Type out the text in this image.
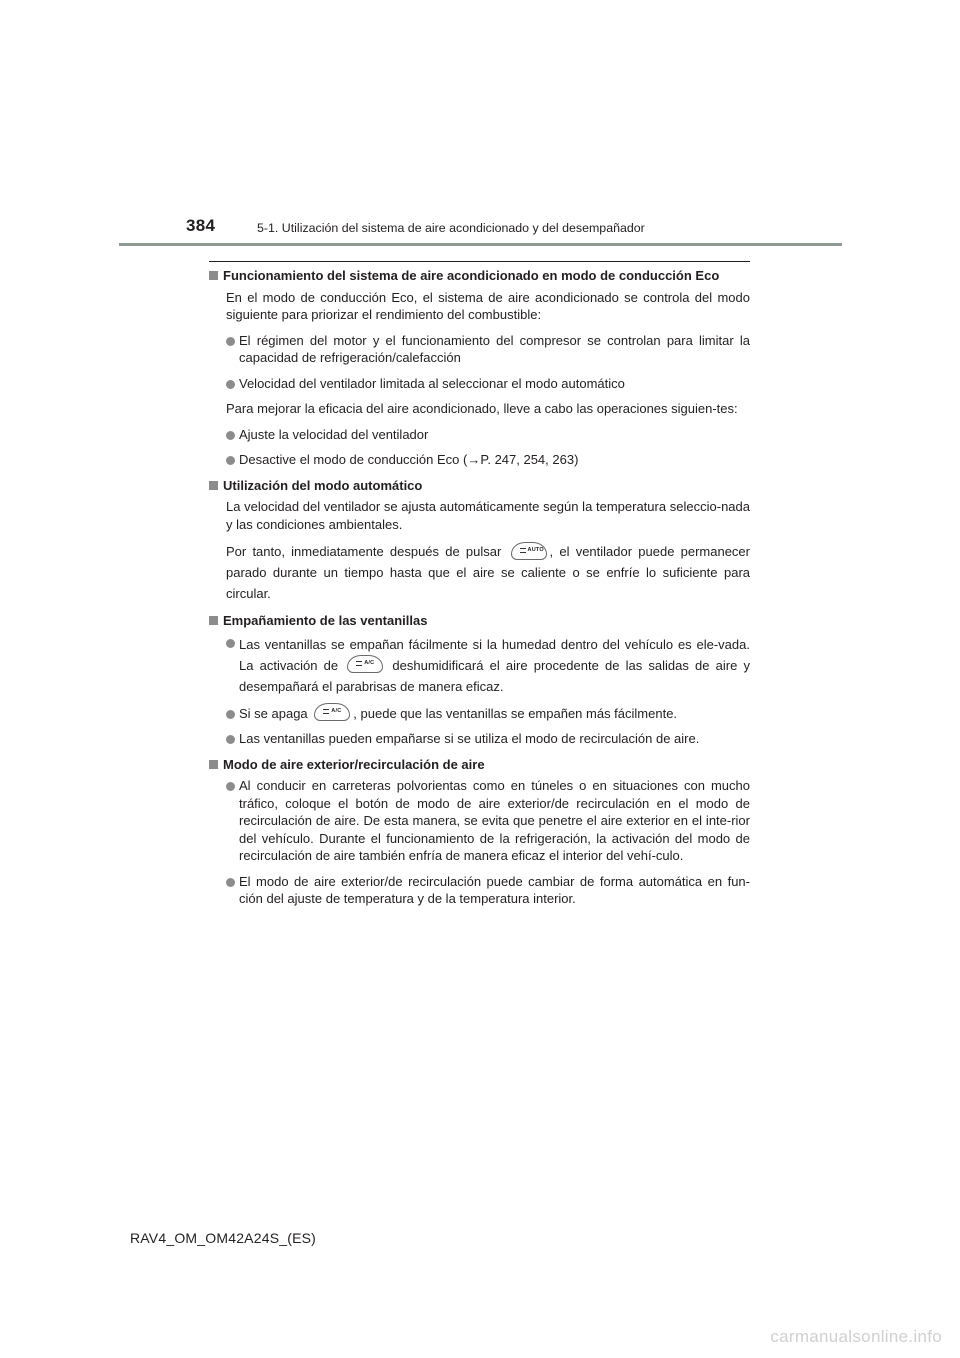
384	5-1. Utilización del sistema de aire acondicionado y del desempañador
Funcionamiento del sistema de aire acondicionado en modo de conducción Eco

En el modo de conducción Eco, el sistema de aire acondicionado se controla del modo siguiente para priorizar el rendimiento del combustible:

El régimen del motor y el funcionamiento del compresor se controlan para limitar la capacidad de refrigeración/calefacción
Velocidad del ventilador limitada al seleccionar el modo automático

Para mejorar la eficacia del aire acondicionado, lleve a cabo las operaciones siguien-tes:

Ajuste la velocidad del ventilador
Desactive el modo de conducción Eco (→P. 247, 254, 263)
Utilización del modo automático

La velocidad del ventilador se ajusta automáticamente según la temperatura seleccio-nada y las condiciones ambientales.

Por tanto, inmediatamente después de pulsar	AUTO , el ventilador puede permanecer parado durante un tiempo hasta que el aire se caliente o se enfríe lo suficiente para circular.

Empañamiento de las ventanillas
Las ventanillas se empañan fácilmente si la humedad dentro del vehículo es ele-vada. La activación de	A/C deshumidificará el aire procedente de las salidas de aire y desempañará el parabrisas de manera eficaz.
Si se apaga	A/C , puede que las ventanillas se empañen más fácilmente.
Las ventanillas pueden empañarse si se utiliza el modo de recirculación de aire.
Modo de aire exterior/recirculación de aire
Al conducir en carreteras polvorientas como en túneles o en situaciones con mucho tráfico, coloque el botón de modo de aire exterior/de recirculación en el modo de recirculación de aire. De esta manera, se evita que penetre el aire exterior en el inte-rior del vehículo. Durante el funcionamiento de la refrigeración, la activación del modo de recirculación de aire también enfría de manera eficaz el interior del vehí-culo.
El modo de aire exterior/de recirculación puede cambiar de forma automática en fun-ción del ajuste de temperatura y de la temperatura interior.
RAV4_OM_OM42A24S_(ES)
carmanualsonline.info
